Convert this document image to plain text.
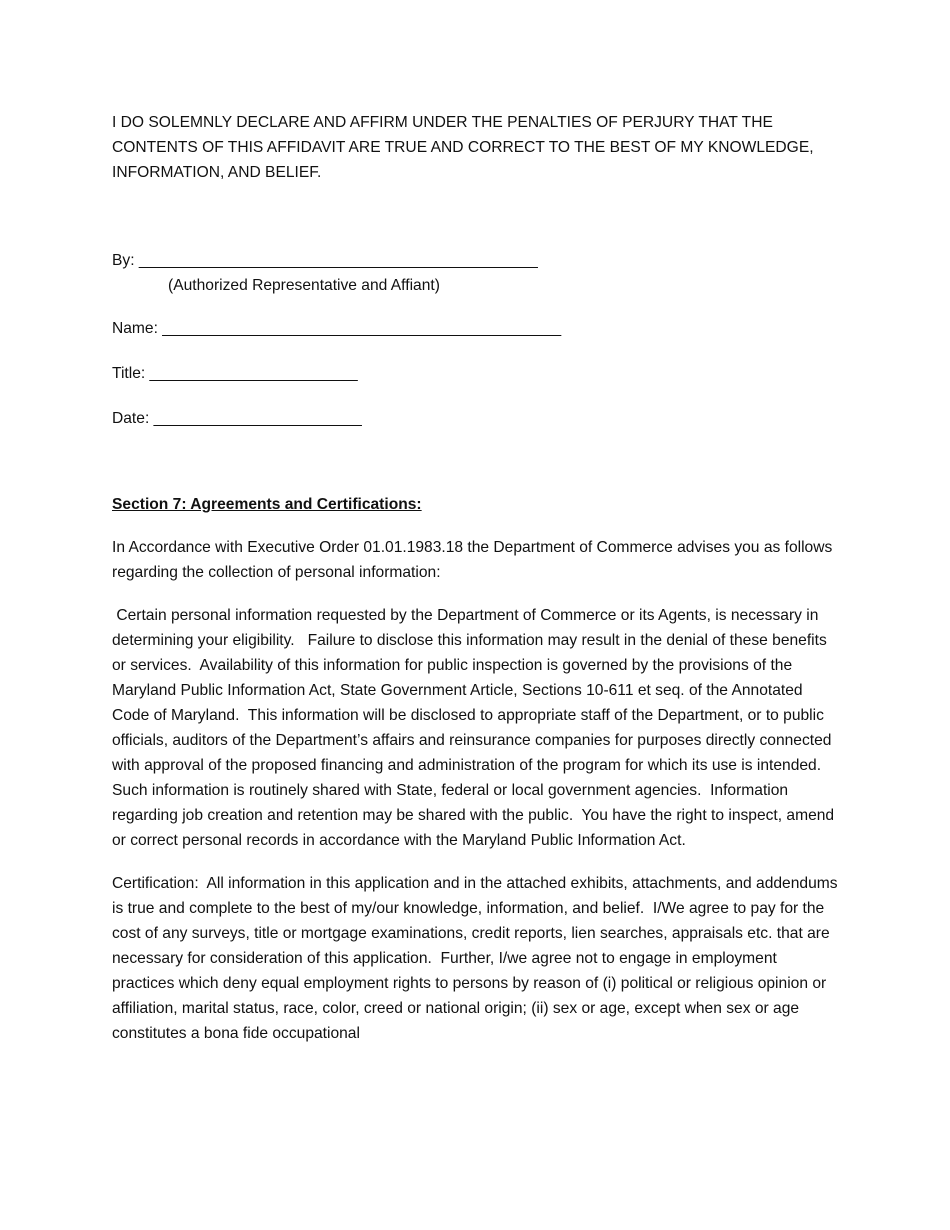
I DO SOLEMNLY DECLARE AND AFFIRM UNDER THE PENALTIES OF PERJURY THAT THE CONTENTS OF THIS AFFIDAVIT ARE TRUE AND CORRECT TO THE BEST OF MY KNOWLEDGE, INFORMATION, AND BELIEF.

By: ______________________________________________

(Authorized Representative and Affiant)

Name: ______________________________________________

Title: ________________________

Date: ________________________

Section 7: Agreements and Certifications:

In Accordance with Executive Order 01.01.1983.18 the Department of Commerce advises you as follows regarding the collection of personal information:

Certain personal information requested by the Department of Commerce or its Agents, is necessary in determining your eligibility.   Failure to disclose this information may result in the denial of these benefits or services.  Availability of this information for public inspection is governed by the provisions of the Maryland Public Information Act, State Government Article, Sections 10-611 et seq. of the Annotated Code of Maryland.  This information will be disclosed to appropriate staff of the Department, or to public officials, auditors of the Department’s affairs and reinsurance companies for purposes directly connected with approval of the proposed financing and administration of the program for which its use is intended.  Such information is routinely shared with State, federal or local government agencies.  Information regarding job creation and retention may be shared with the public.  You have the right to inspect, amend or correct personal records in accordance with the Maryland Public Information Act.

Certification:  All information in this application and in the attached exhibits, attachments, and addendums is true and complete to the best of my/our knowledge, information, and belief.  I/We agree to pay for the cost of any surveys, title or mortgage examinations, credit reports, lien searches, appraisals etc. that are necessary for consideration of this application.  Further, I/we agree not to engage in employment practices which deny equal employment rights to persons by reason of (i) political or religious opinion or affiliation, marital status, race, color, creed or national origin; (ii) sex or age, except when sex or age constitutes a bona fide occupational
